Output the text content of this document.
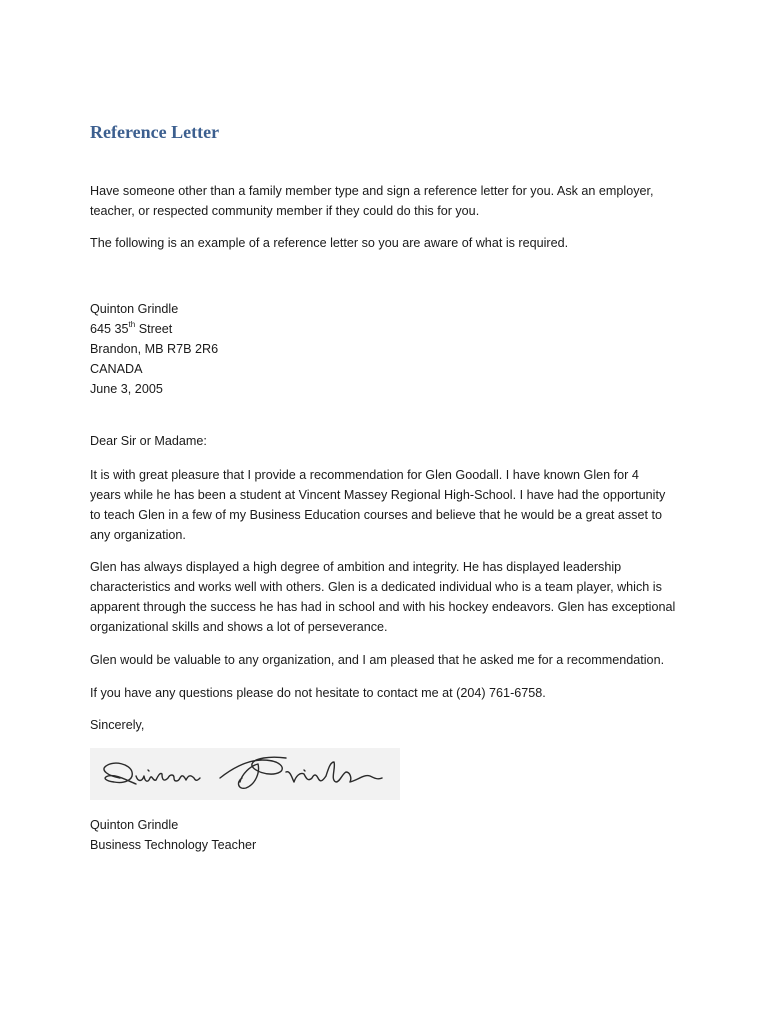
Reference Letter

Have someone other than a family member type and sign a reference letter for you. Ask an employer,

teacher, or respected community member if they could do this for you.

The following is an example of a reference letter so you are aware of what is required.

Quinton Grindle

645 35th Street

Brandon, MB R7B 2R6

CANADA

June 3, 2005

Dear Sir or Madame:

It is with great pleasure that I provide a recommendation for Glen Goodall. I have known Glen for 4

years while he has been a student at Vincent Massey Regional High-School. I have had the opportunity

to teach Glen in a few of my Business Education courses and believe that he would be a great asset to

any organization.

Glen has always displayed a high degree of ambition and integrity. He has displayed leadership

characteristics and works well with others. Glen is a dedicated individual who is a team player, which is

apparent through the success he has had in school and with his hockey endeavors. Glen has exceptional

organizational skills and shows a lot of perseverance.

Glen would be valuable to any organization, and I am pleased that he asked me for a recommendation.

If you have any questions please do not hesitate to contact me at (204) 761-6758.

Sincerely,

Quinton Grindle

Business Technology Teacher
